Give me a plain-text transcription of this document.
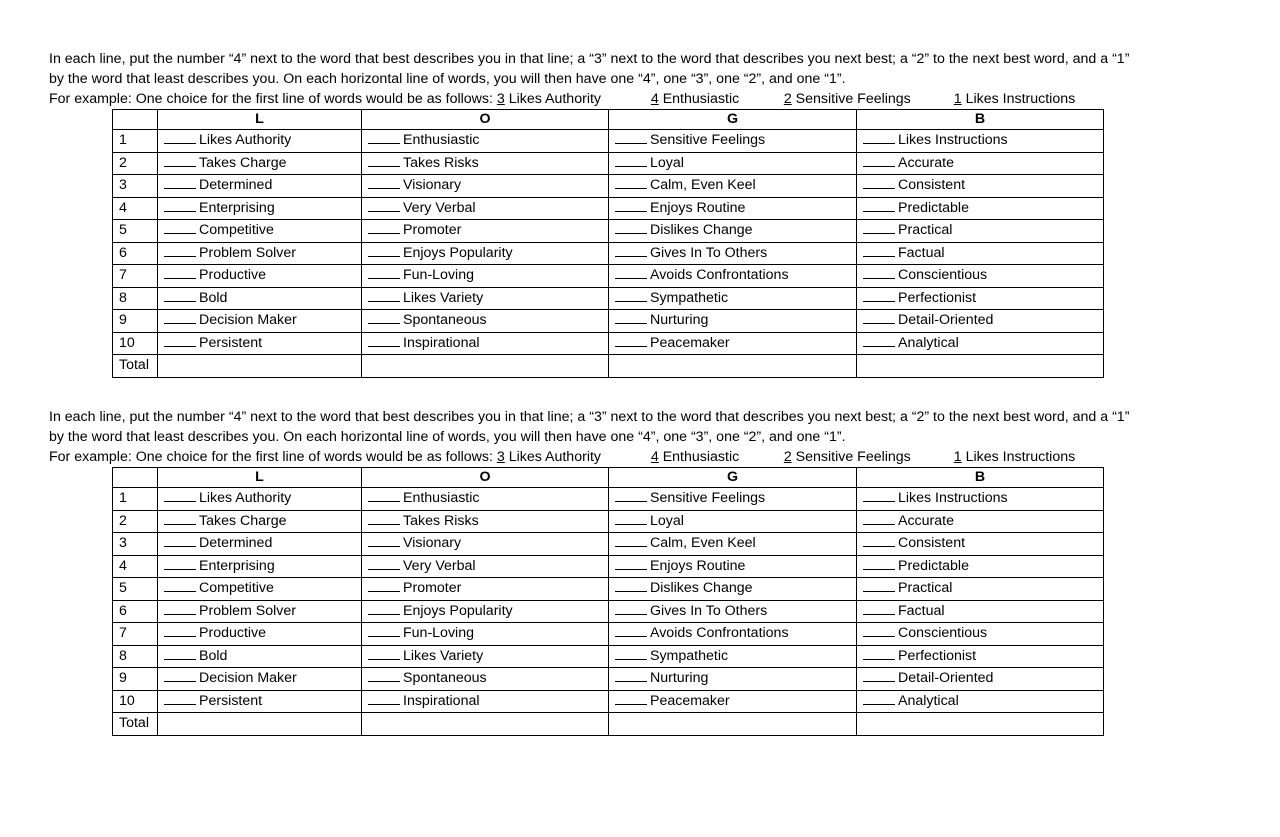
In each line, put the number “4” next to the word that best describes you in that line; a “3” next to the word that describes you next best; a “2” to the next best word, and a “1”

by the word that least describes you. On each horizontal line of words, you will then have one “4”, one “3”, one “2”, and one “1”.

For example: One choice for the first line of words would be as follows: 3 Likes Authority	4 Enthusiastic	2 Sensitive Feelings	1 Likes Instructions
	L	O	G	B
1	Likes Authority	Enthusiastic	Sensitive Feelings	Likes Instructions
2	Takes Charge	Takes Risks	Loyal	Accurate
3	Determined	Visionary	Calm, Even Keel	Consistent
4	Enterprising	Very Verbal	Enjoys Routine	Predictable
5	Competitive	Promoter	Dislikes Change	Practical
6	Problem Solver	Enjoys Popularity	Gives In To Others	Factual
7	Productive	Fun-Loving	Avoids Confrontations	Conscientious
8	Bold	Likes Variety	Sympathetic	Perfectionist
9	Decision Maker	Spontaneous	Nurturing	Detail-Oriented
10	Persistent	Inspirational	Peacemaker	Analytical
Total				

In each line, put the number “4” next to the word that best describes you in that line; a “3” next to the word that describes you next best; a “2” to the next best word, and a “1”

by the word that least describes you. On each horizontal line of words, you will then have one “4”, one “3”, one “2”, and one “1”.

For example: One choice for the first line of words would be as follows: 3 Likes Authority	4 Enthusiastic	2 Sensitive Feelings	1 Likes Instructions
	L	O	G	B
1	Likes Authority	Enthusiastic	Sensitive Feelings	Likes Instructions
2	Takes Charge	Takes Risks	Loyal	Accurate
3	Determined	Visionary	Calm, Even Keel	Consistent
4	Enterprising	Very Verbal	Enjoys Routine	Predictable
5	Competitive	Promoter	Dislikes Change	Practical
6	Problem Solver	Enjoys Popularity	Gives In To Others	Factual
7	Productive	Fun-Loving	Avoids Confrontations	Conscientious
8	Bold	Likes Variety	Sympathetic	Perfectionist
9	Decision Maker	Spontaneous	Nurturing	Detail-Oriented
10	Persistent	Inspirational	Peacemaker	Analytical
Total				
